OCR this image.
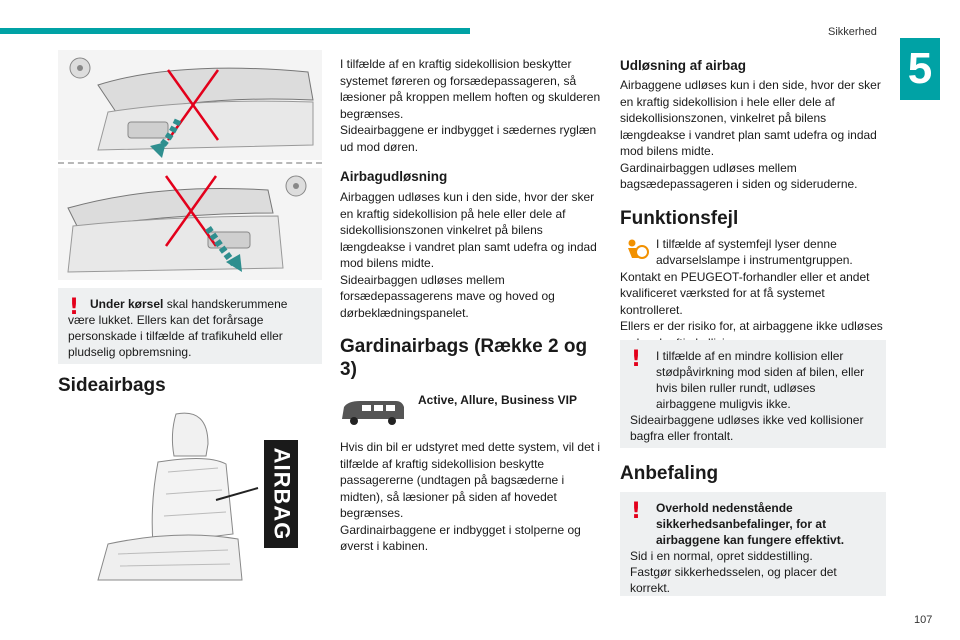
Sikkerhed
5
107
! Under kørsel skal handskerummene være lukket. Ellers kan det forårsage personskade i tilfælde af trafikuheld eller pludselig opbremsning.

Sideairbags
AIRBAG

I tilfælde af en kraftig sidekollision beskytter systemet føreren og forsædepassageren, så læsioner på kroppen mellem hoften og skulderen begrænses.

Sideairbaggene er indbygget i sædernes ryglæn ud mod døren.

Airbagudløsning

Airbaggen udløses kun i den side, hvor der sker en kraftig sidekollision på hele eller dele af sidekollisionszonen vinkelret på bilens længdeakse i vandret plan samt udefra og indad mod bilens midte.

Sideairbaggen udløses mellem forsædepassagerens mave og hoved og dørbeklædningspanelet.

Gardinairbags (Række 2 og 3)

Active, Allure, Business VIP

Hvis din bil er udstyret med dette system, vil det i tilfælde af kraftig sidekollision beskytte passagererne (undtagen på bagsæderne i midten), så læsioner på siden af hovedet begrænses.

Gardinairbaggene er indbygget i stolperne og øverst i kabinen.

Udløsning af airbag

Airbaggene udløses kun i den side, hvor der sker en kraftig sidekollision i hele eller dele af sidekollisionszonen, vinkelret på bilens længdeakse i vandret plan samt udefra og indad mod bilens midte.

Gardinairbaggen udløses mellem bagsædepassageren i siden og sideruderne.

Funktionsfejl

I tilfælde af systemfejl lyser denne advarselslampe i instrumentgruppen.

Kontakt en PEUGEOT-forhandler eller et andet kvalificeret værksted for at få systemet kontrolleret.

Ellers er der risiko for, at airbaggene ikke udløses

!	I tilfælde af en mindre kollision eller stødpåvirkning mod siden af bilen, eller hvis bilen ruller rundt, udløses airbaggene muligvis ikke.

Sideairbaggene udløses ikke ved kollisioner bagfra eller frontalt.

Anbefaling
!	Overhold nedenstående sikkerhedsanbefalinger, for at airbaggene kan fungere effektivt.

Sid i en normal, opret siddestilling.

Fastgør sikkerhedsselen, og placer det korrekt.
